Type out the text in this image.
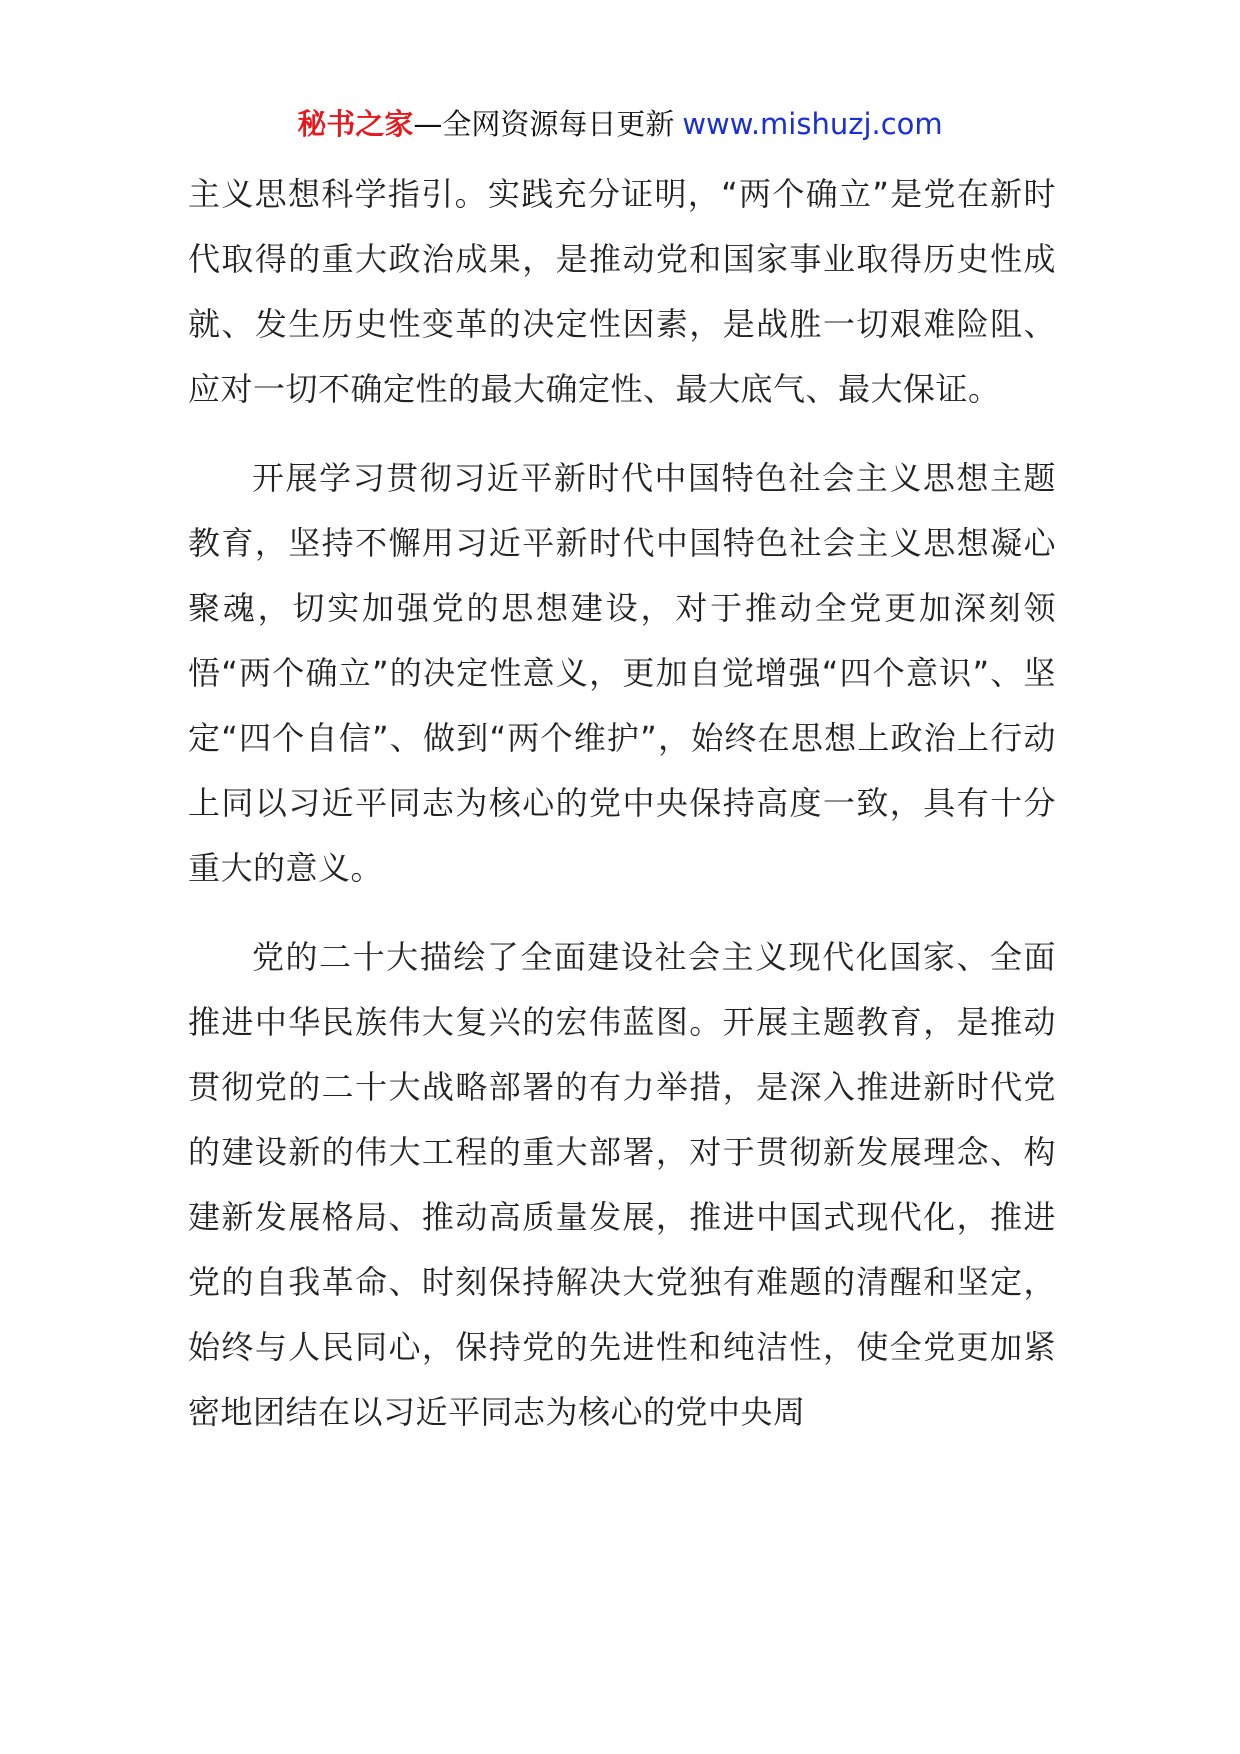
秘书之家—全网资源每日更新 www.mishuzj.com

主义思想科学指引。实践充分证明，“两个确立”是党在新时代取得的重大政治成果，是推动党和国家事业取得历史性成就、发生历史性变革的决定性因素，是战胜一切艰难险阻、应对一切不确定性的最大确定性、最大底气、最大保证。

开展学习贯彻习近平新时代中国特色社会主义思想主题教育，坚持不懈用习近平新时代中国特色社会主义思想凝心聚魂，切实加强党的思想建设，对于推动全党更加深刻领悟“两个确立”的决定性意义，更加自觉增强“四个意识”、坚定“四个自信”、做到“两个维护”，始终在思想上政治上行动上同以习近平同志为核心的党中央保持高度一致，具有十分重大的意义。

党的二十大描绘了全面建设社会主义现代化国家、全面推进中华民族伟大复兴的宏伟蓝图。开展主题教育，是推动贯彻党的二十大战略部署的有力举措，是深入推进新时代党的建设新的伟大工程的重大部署，对于贯彻新发展理念、构建新发展格局、推动高质量发展，推进中国式现代化，推进党的自我革命、时刻保持解决大党独有难题的清醒和坚定，始终与人民同心，保持党的先进性和纯洁性，使全党更加紧密地团结在以习近平同志为核心的党中央周
